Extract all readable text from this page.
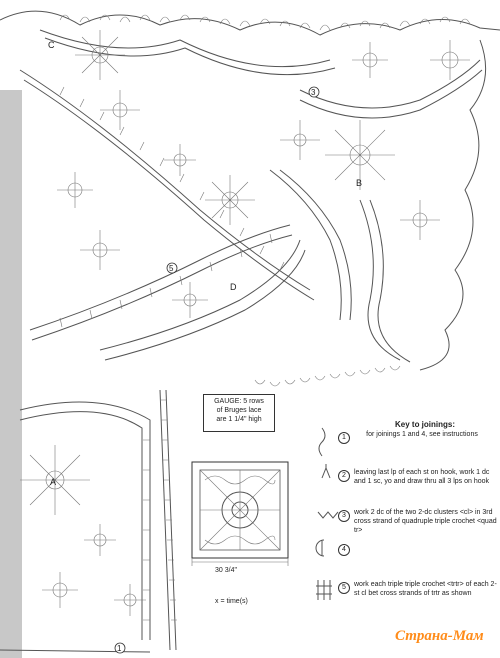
A
B
C
D
3
5
1
GAUGE: 5 rows
of Bruges lace
are 1 1/4" high
30 3/4"
x = time(s)
Key to joinings:
for joinings 1 and 4, see instructions
1
2	leaving last lp of each st on hook, work 1 dc and 1 sc, yo and draw thru all 3 lps on hook
3	work 2 dc of the two 2-dc clusters <cl> in 3rd cross strand of quadruple triple crochet <quad tr>
4
5	work each triple triple crochet <trtr> of each 2-st cl bet cross strands of trtr as shown
Страна-Мам
